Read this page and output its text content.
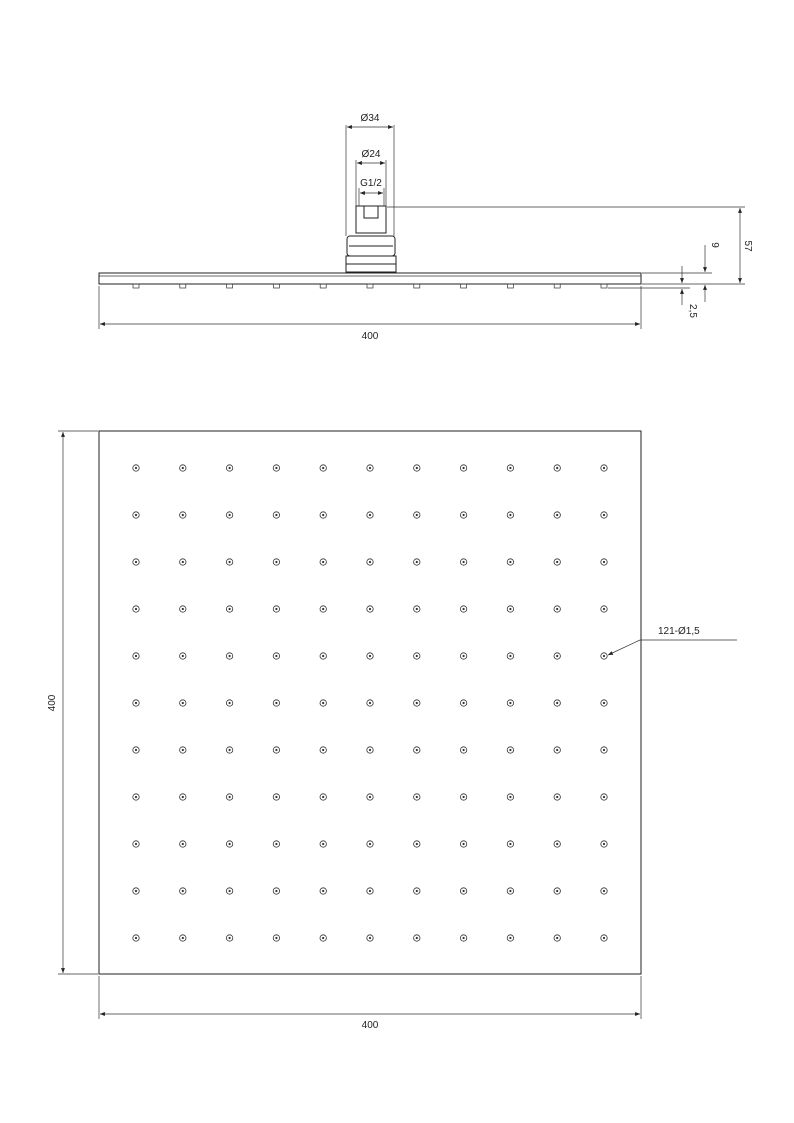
Ø34
Ø24
G1/2
57
9
2,5
400
400
400
121-Ø1,5
